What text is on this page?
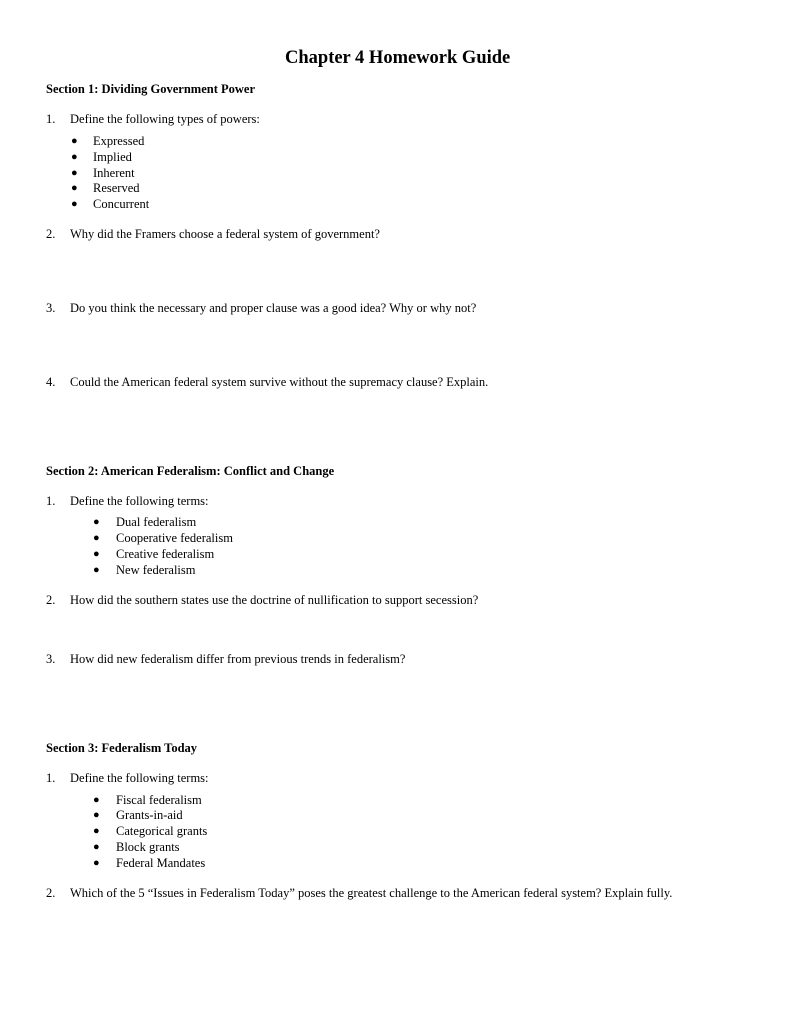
Chapter 4 Homework Guide
Section 1: Dividing Government Power
1. Define the following types of powers:
● Expressed
● Implied
● Inherent
● Reserved
● Concurrent
2. Why did the Framers choose a federal system of government?
3. Do you think the necessary and proper clause was a good idea? Why or why not?
4. Could the American federal system survive without the supremacy clause? Explain.
Section 2: American Federalism: Conflict and Change
1. Define the following terms:
● Dual federalism
● Cooperative federalism
● Creative federalism
● New federalism
2. How did the southern states use the doctrine of nullification to support secession?
3. How did new federalism differ from previous trends in federalism?
Section 3: Federalism Today
1. Define the following terms:
● Fiscal federalism
● Grants-in-aid
● Categorical grants
● Block grants
● Federal Mandates
2. Which of the 5 “Issues in Federalism Today” poses the greatest challenge to the American federal system? Explain fully.
